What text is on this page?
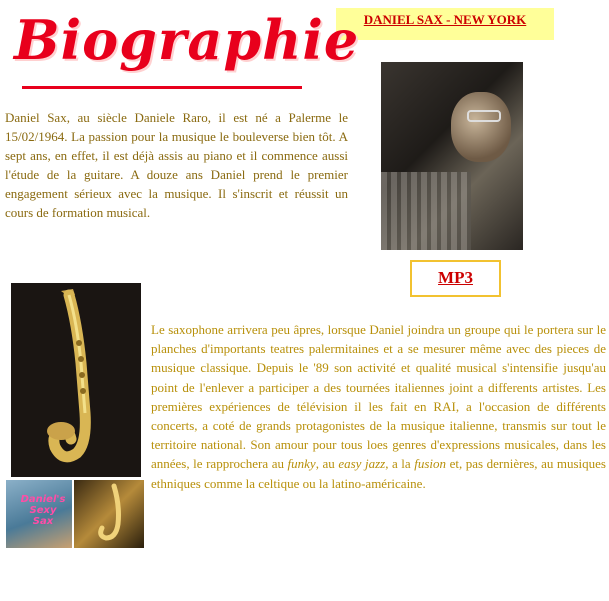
DANIEL SAX - NEW YORK
Biographie
Daniel Sax, au siècle Daniele Raro, il est né a Palerme le 15/02/1964. La passion pour la musique le bouleverse bien tôt. A sept ans, en effet, il est déjà assis au piano et il commence aussi l'étude de la guitare. A douze ans Daniel prend le premier engagement sérieux avec la musique. Il s'inscrit et réussit un cours de formation musical.
MP3
Daniel's Sexy Sax
Le saxophone arrivera peu âpres, lorsque Daniel joindra un groupe qui le portera sur le planches d'importants teatres palermitaines et a se mesurer même avec des pieces de musique classique. Depuis le '89 son activité et qualité musical s'intensifie jusqu'au point de l'enlever a participer a des tournées italiennes joint a differents artistes. Les premières expériences de télévision il les fait en RAI, a l'occasion de différents concerts, a coté de grands protagonistes de la musique italienne, transmis sur tout le territoire national. Son amour pour tous loes genres d'expressions musicales, dans les années, le rapprochera au funky, au easy jazz, a la fusion et, pas dernières, au musiques ethniques comme la celtique ou la latino-américaine.
